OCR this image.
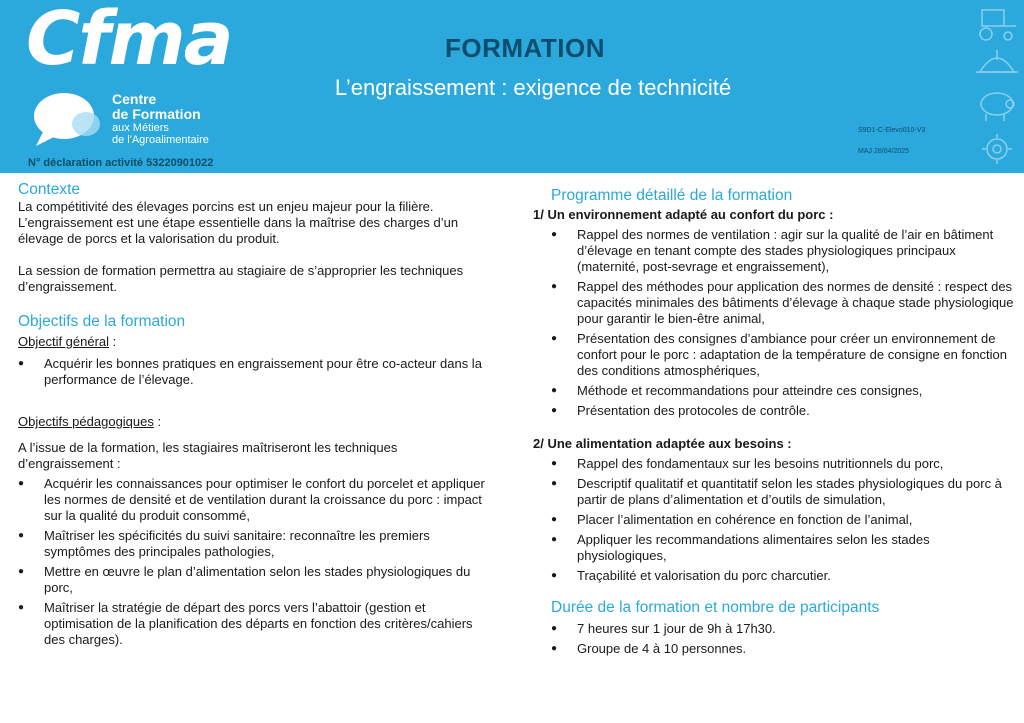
Cfma
Centre
de Formation
aux Métiers
de l'Agroalimentaire
N° déclaration activité 53220901022
FORMATION
L’engraissement : exigence de technicité
S9D1-C-Elevo010-V3
MAJ 28/04/2025
Contexte
La compétitivité des élevages porcins est un enjeu majeur pour la filière. L’engraissement est une étape essentielle dans la maîtrise des charges d’un élevage de porcs et la valorisation du produit.
La session de formation permettra au stagiaire de s’approprier les techniques d’engraissement.
Objectifs de la formation
Objectif général :
● Acquérir les bonnes pratiques en engraissement pour être co-acteur dans la performance de l’élevage.
Objectifs pédagogiques :
A l’issue de la formation, les stagiaires maîtriseront les techniques d’engraissement :
● Acquérir les connaissances pour optimiser le confort du porcelet et appliquer les normes de densité et de ventilation durant la croissance du porc : impact sur la qualité du produit consommé,
● Maîtriser les spécificités du suivi sanitaire: reconnaître les premiers symptômes des principales pathologies,
● Mettre en œuvre le plan d’alimentation selon les stades physiologiques du porc,
● Maîtriser la stratégie de départ des porcs vers l’abattoir (gestion et optimisation de la planification des départs en fonction des critères/cahiers des charges).
Programme détaillé de la formation
1/ Un environnement adapté au confort du porc :
● Rappel des normes de ventilation : agir sur la qualité de l’air en bâtiment d’élevage en tenant compte des stades physiologiques principaux (maternité, post-sevrage et engraissement),
● Rappel des méthodes pour application des normes de densité : respect des capacités minimales des bâtiments d’élevage à chaque stade physiologique pour garantir le bien-être animal,
● Présentation des consignes d’ambiance pour créer un environnement de confort pour le porc : adaptation de la température de consigne en fonction des conditions atmosphériques,
● Méthode et recommandations pour atteindre ces consignes,
● Présentation des protocoles de contrôle.
2/ Une alimentation adaptée aux besoins :
● Rappel des fondamentaux sur les besoins nutritionnels du porc,
● Descriptif qualitatif et quantitatif selon les stades physiologiques du porc à partir de plans d’alimentation et d’outils de simulation,
● Placer l’alimentation en cohérence en fonction de l’animal,
● Appliquer les recommandations alimentaires selon les stades physiologiques,
● Traçabilité et valorisation du porc charcutier.
Durée de la formation et nombre de participants
● 7 heures sur 1 jour de 9h à 17h30.
● Groupe de 4 à 10 personnes.
